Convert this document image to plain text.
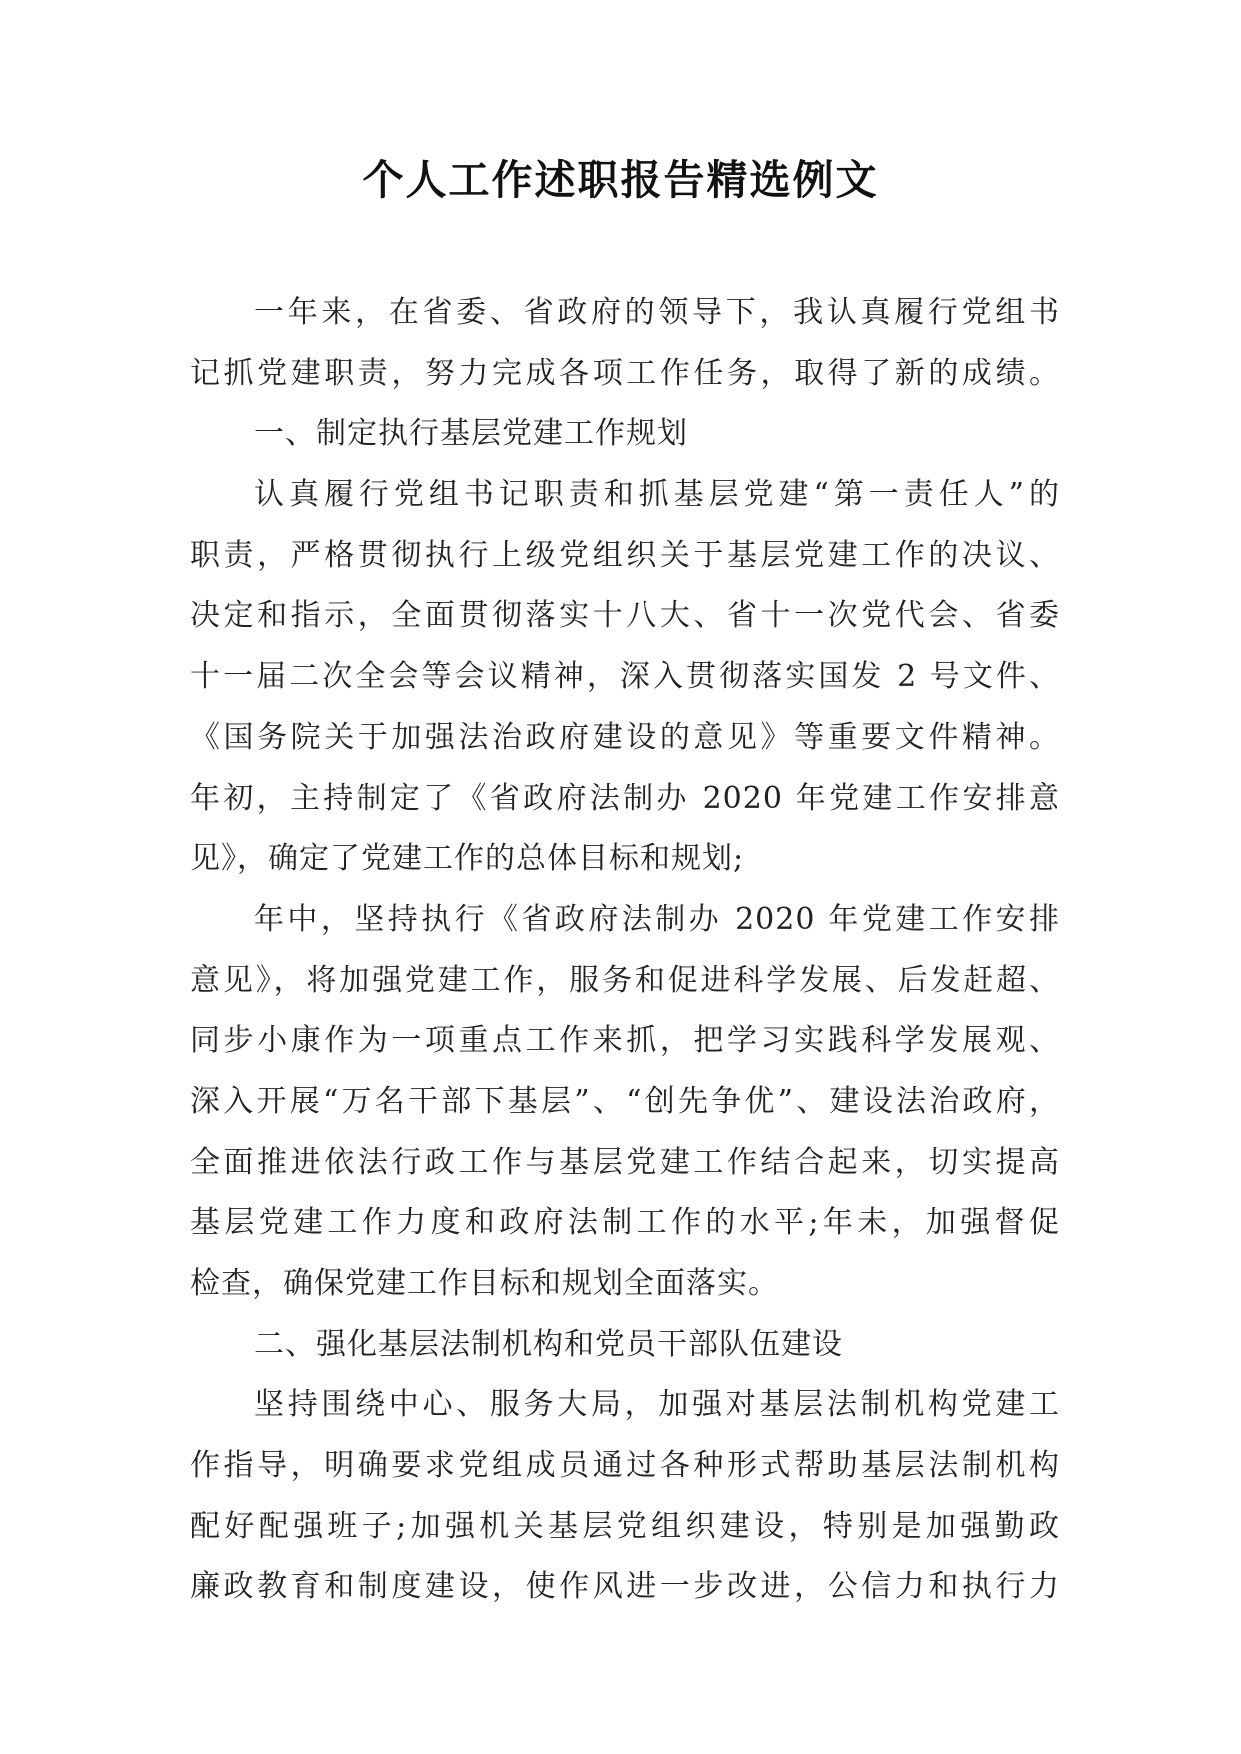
个人工作述职报告精选例文
一年来，在省委、省政府的领导下，我认真履行党组书
记抓党建职责，努力完成各项工作任务，取得了新的成绩。
一、制定执行基层党建工作规划
认真履行党组书记职责和抓基层党建“第一责任人”的
职责，严格贯彻执行上级党组织关于基层党建工作的决议、
决定和指示，全面贯彻落实十八大、省十一次党代会、省委
十一届二次全会等会议精神，深入贯彻落实国发 2 号文件、
《国务院关于加强法治政府建设的意见》等重要文件精神。
年初，主持制定了《省政府法制办 2020 年党建工作安排意
见》，确定了党建工作的总体目标和规划;
年中，坚持执行《省政府法制办 2020 年党建工作安排
意见》，将加强党建工作，服务和促进科学发展、后发赶超、
同步小康作为一项重点工作来抓，把学习实践科学发展观、
深入开展“万名干部下基层”、“创先争优”、建设法治政府，
全面推进依法行政工作与基层党建工作结合起来，切实提高
基层党建工作力度和政府法制工作的水平;年未，加强督促
检查，确保党建工作目标和规划全面落实。
二、强化基层法制机构和党员干部队伍建设
坚持围绕中心、服务大局，加强对基层法制机构党建工
作指导，明确要求党组成员通过各种形式帮助基层法制机构
配好配强班子;加强机关基层党组织建设，特别是加强勤政
廉政教育和制度建设，使作风进一步改进，公信力和执行力
